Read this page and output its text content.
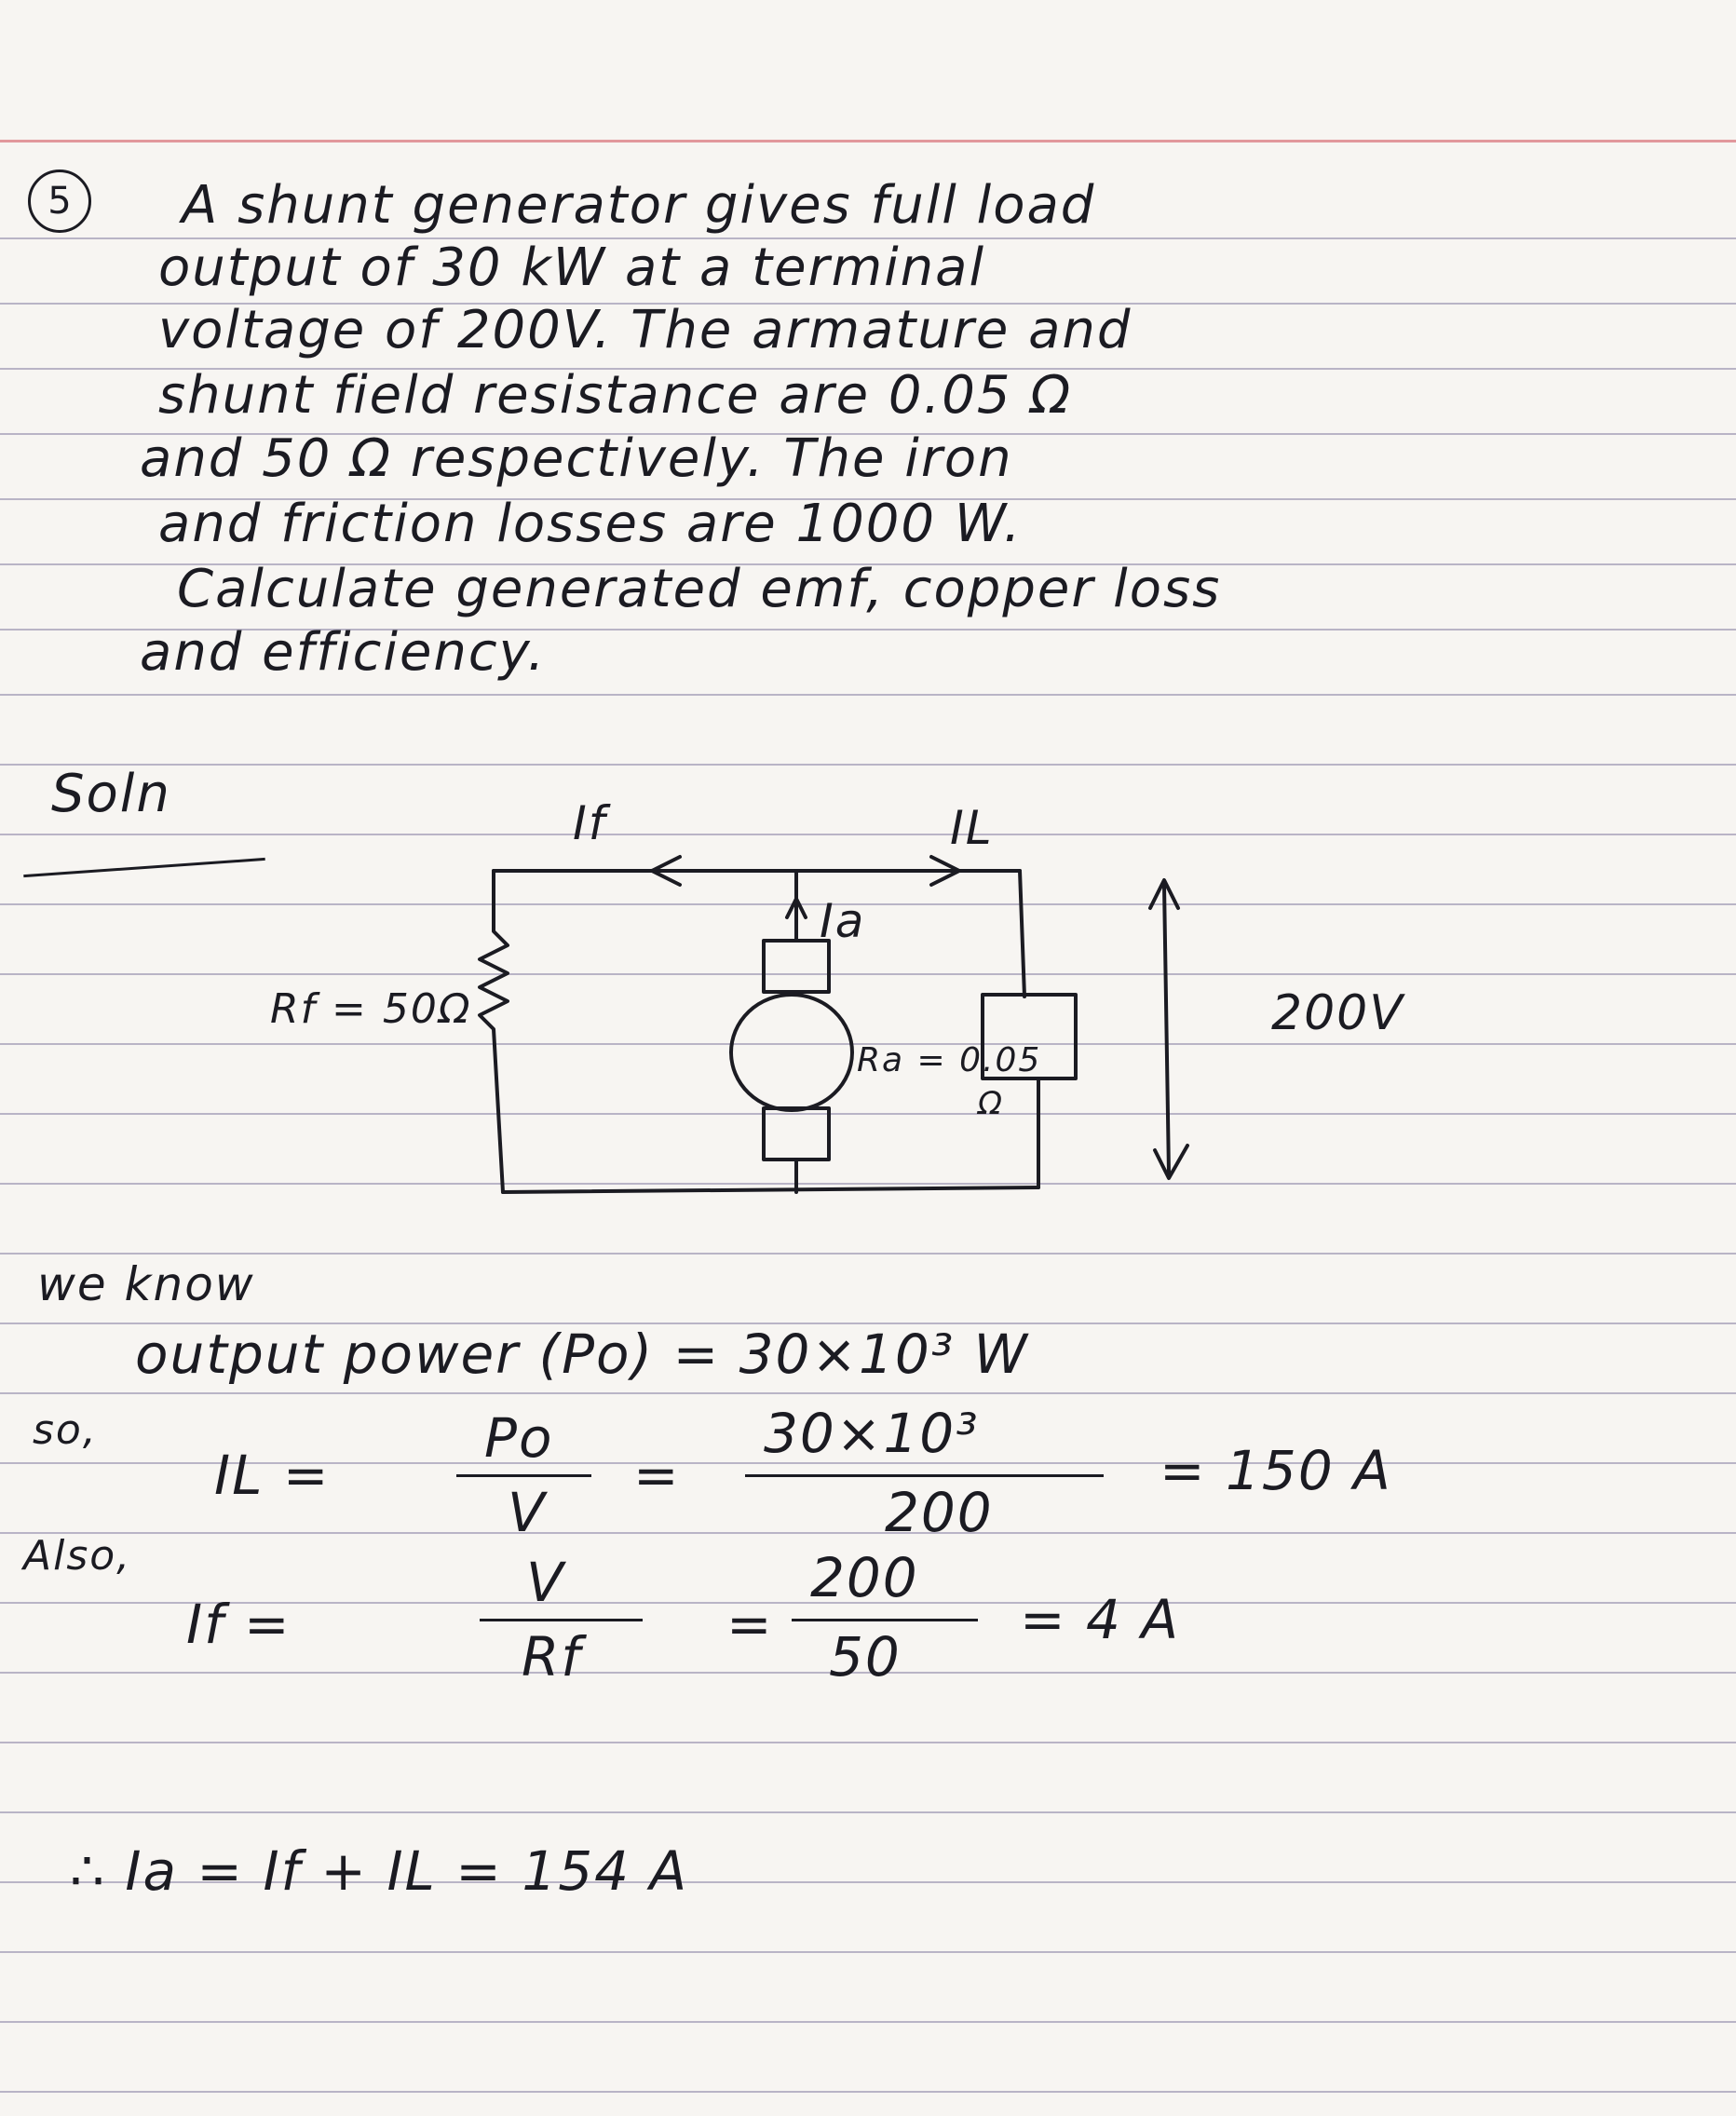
5	A shunt generator gives full load
output of 30 kW at a terminal
voltage of 200V. The armature and
shunt field resistance are 0.05 Ω
and 50 Ω respectively. The iron
and friction losses are 1000 W.
Calculate generated emf, copper loss
and efficiency.
Soln	If	IL
Ia
Rf = 50Ω
Ra = 0.05
Ω
200V
we know
output power (Po) = 30×10³ W
so,
IL =
Po
V
=
30×10³
200
= 150 A
Also,
If =
V
Rf
=
200
50
= 4 A
∴ Ia = If + IL = 154 A
